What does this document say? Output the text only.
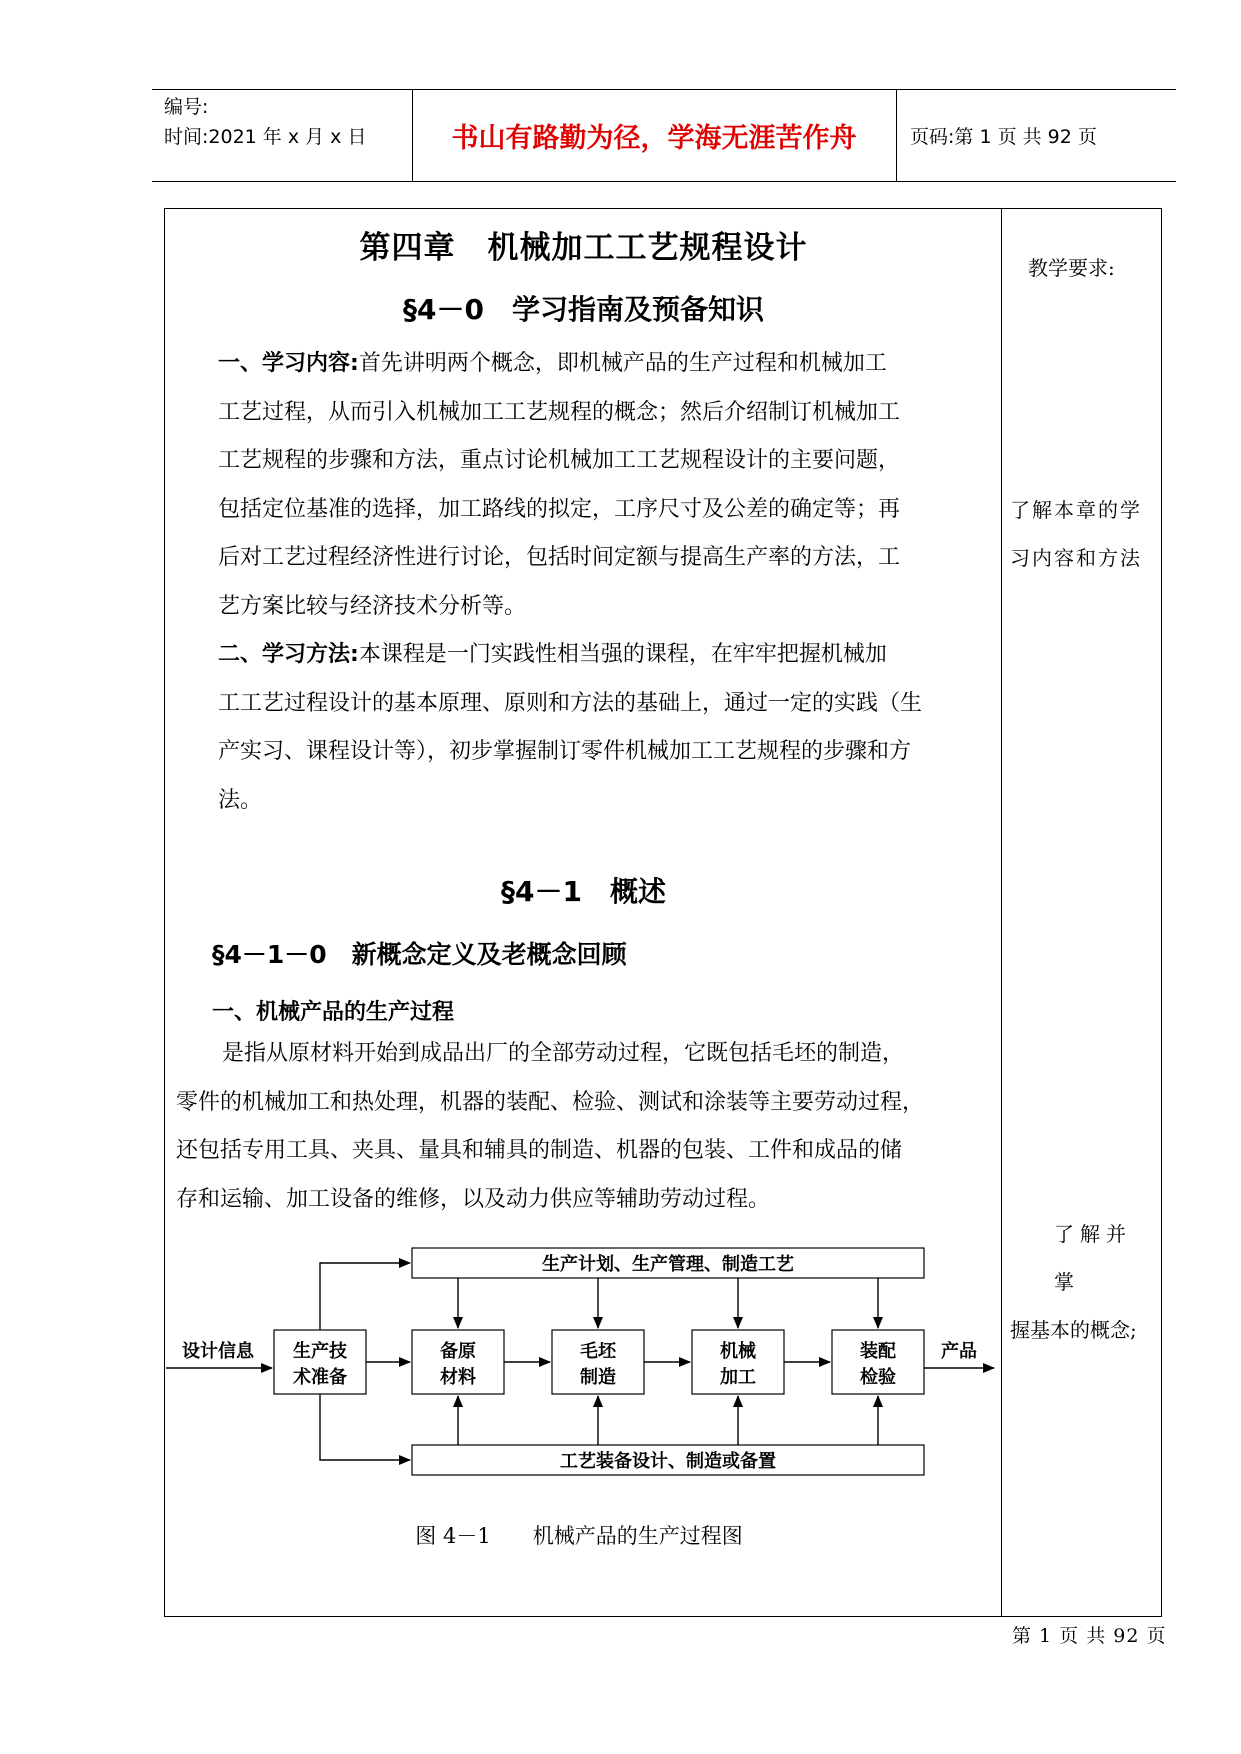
编号:
时间:2021 年 x 月 x 日	书山有路勤为径，学海无涯苦作舟	页码:第 1 页 共 92 页
第四章　机械加工工艺规程设计
§4－0　学习指南及预备知识
一、学习内容:首先讲明两个概念，即机械产品的生产过程和机械加工
工艺过程，从而引入机械加工工艺规程的概念；然后介绍制订机械加工
工艺规程的步骤和方法，重点讨论机械加工工艺规程设计的主要问题，
包括定位基准的选择，加工路线的拟定，工序尺寸及公差的确定等；再
后对工艺过程经济性进行讨论，包括时间定额与提高生产率的方法，工
艺方案比较与经济技术分析等。
二、学习方法:本课程是一门实践性相当强的课程，在牢牢把握机械加
工工艺过程设计的基本原理、原则和方法的基础上，通过一定的实践（生
产实习、课程设计等），初步掌握制订零件机械加工工艺规程的步骤和方
法。
§4－1　概述
§4－1－0　新概念定义及老概念回顾
一、机械产品的生产过程
是指从原材料开始到成品出厂的全部劳动过程，它既包括毛坯的制造，
零件的机械加工和热处理，机器的装配、检验、测试和涂装等主要劳动过程，
还包括专用工具、夹具、量具和辅具的制造、机器的包装、工件和成品的储
存和运输、加工设备的维修，以及动力供应等辅助劳动过程。
教学要求:
了解本章的学
习内容和方法
了解并掌
握基本的概念;
生产计划、生产管理、制造工艺
工艺装备设计、制造或备置
生产技
术准备
备原
材料
毛坯
制造
机械
加工
装配
检验
设计信息	产品
图 4－1　　机械产品的生产过程图
第 1 页 共 92 页
